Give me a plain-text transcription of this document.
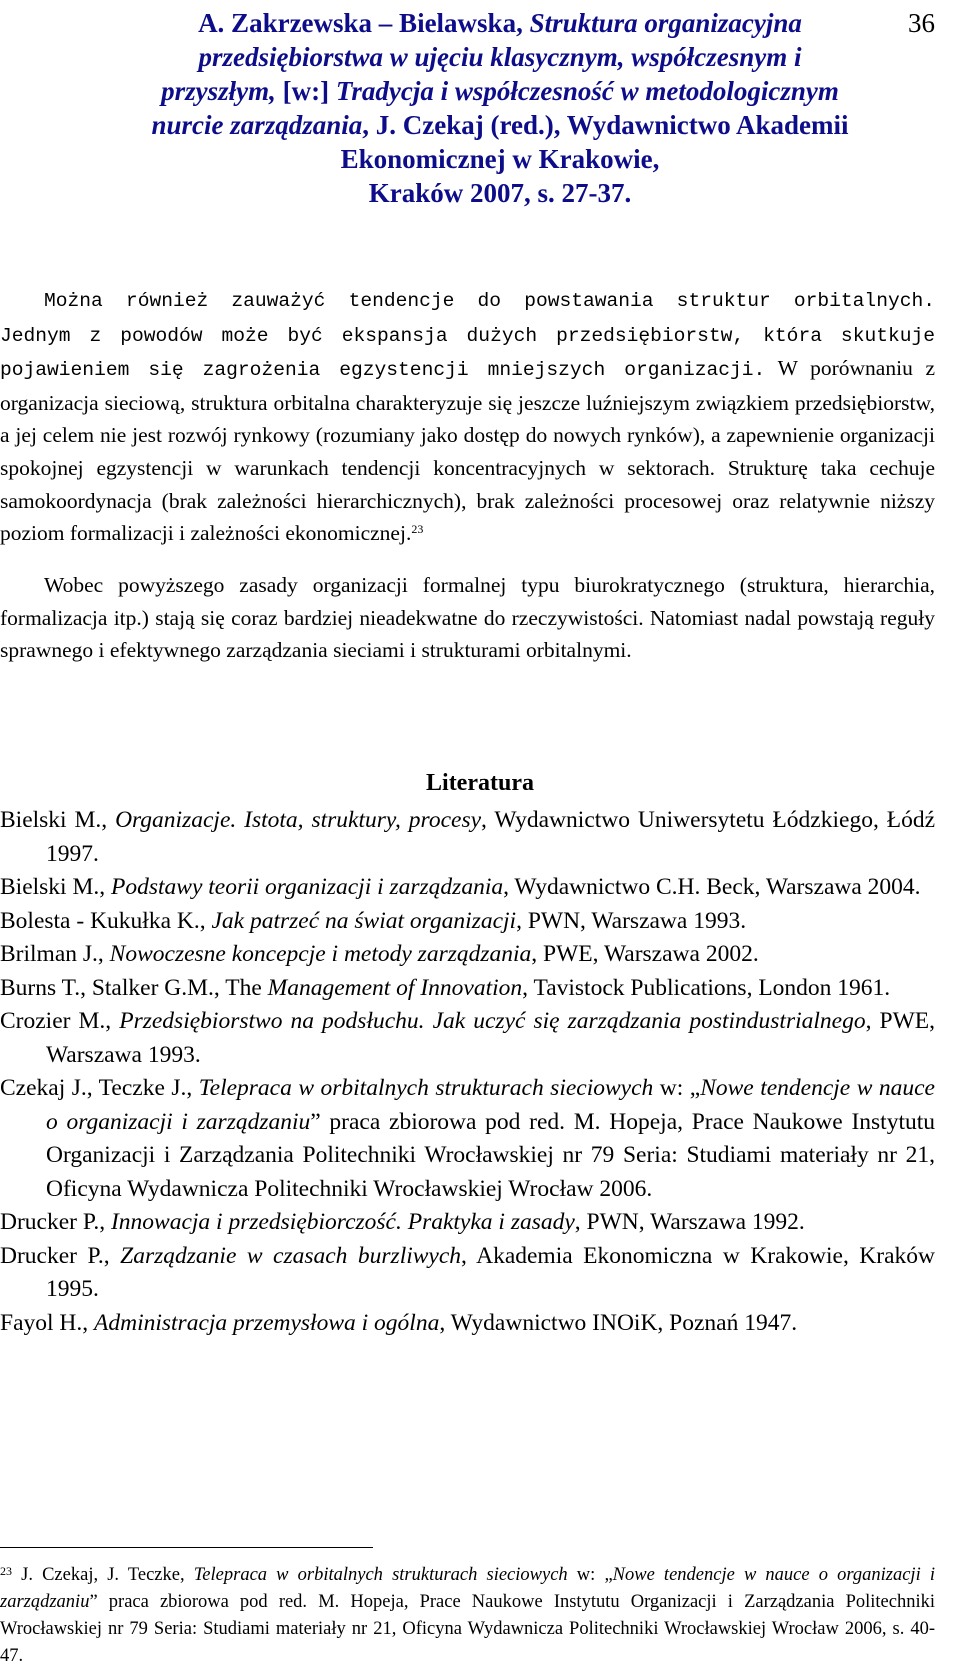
A. Zakrzewska – Bielawska, Struktura organizacyjna
przedsiębiorstwa w ujęciu klasycznym, współczesnym i
przyszłym, [w:] Tradycja i współczesność w metodologicznym
nurcie zarządzania, J. Czekaj (red.), Wydawnictwo Akademii
Ekonomicznej w Krakowie,
Kraków 2007, s. 27-37.
36

Można również zauważyć tendencje do powstawania struktur orbitalnych. Jednym z powodów może być ekspansja dużych przedsiębiorstw, która skutkuje pojawieniem się zagrożenia egzystencji mniejszych organizacji. W porównaniu z organizacja sieciową, struktura orbitalna charakteryzuje się jeszcze luźniejszym związkiem przedsiębiorstw, a jej celem nie jest rozwój rynkowy (rozumiany jako dostęp do nowych rynków), a zapewnienie organizacji spokojnej egzystencji w warunkach tendencji koncentracyjnych w sektorach. Strukturę taka cechuje samokoordynacja (brak zależności hierarchicznych), brak zależności procesowej oraz relatywnie niższy poziom formalizacji i zależności ekonomicznej.$^{23}$

Wobec powyższego zasady organizacji formalnej typu biurokratycznego (struktura, hierarchia, formalizacja itp.) stają się coraz bardziej nieadekwatne do rzeczywistości. Natomiast nadal powstają reguły sprawnego i efektywnego zarządzania sieciami i strukturami orbitalnymi.

Literatura

Bielski M., Organizacje. Istota, struktury, procesy, Wydawnictwo Uniwersytetu Łódzkiego, Łódź 1997.

Bielski M., Podstawy teorii organizacji i zarządzania, Wydawnictwo C.H. Beck, Warszawa 2004.

Bolesta - Kukułka K., Jak patrzeć na świat organizacji, PWN, Warszawa 1993.

Brilman J., Nowoczesne koncepcje i metody zarządzania, PWE, Warszawa 2002.

Burns T., Stalker G.M., The Management of Innovation, Tavistock Publications, London 1961.

Crozier M., Przedsiębiorstwo na podsłuchu. Jak uczyć się zarządzania postindustrialnego, PWE, Warszawa 1993.

Czekaj J., Teczke J., Telepraca w orbitalnych strukturach sieciowych w: „Nowe tendencje w nauce o organizacji i zarządzaniu” praca zbiorowa pod red. M. Hopeja, Prace Naukowe Instytutu Organizacji i Zarządzania Politechniki Wrocławskiej nr 79 Seria: Studiami materiały nr 21, Oficyna Wydawnicza Politechniki Wrocławskiej Wrocław 2006.

Drucker P., Innowacja i przedsiębiorczość. Praktyka i zasady, PWN, Warszawa 1992.

Drucker P., Zarządzanie w czasach burzliwych, Akademia Ekonomiczna w Krakowie, Kraków 1995.

Fayol H., Administracja przemysłowa i ogólna, Wydawnictwo INOiK, Poznań 1947.

$^{23}$ J. Czekaj, J. Teczke, Telepraca w orbitalnych strukturach sieciowych w: „Nowe tendencje w nauce o organizacji i zarządzaniu” praca zbiorowa pod red. M. Hopeja, Prace Naukowe Instytutu Organizacji i Zarządzania Politechniki Wrocławskiej nr 79 Seria: Studiami materiały nr 21, Oficyna Wydawnicza Politechniki Wrocławskiej Wrocław 2006, s. 40-47.
